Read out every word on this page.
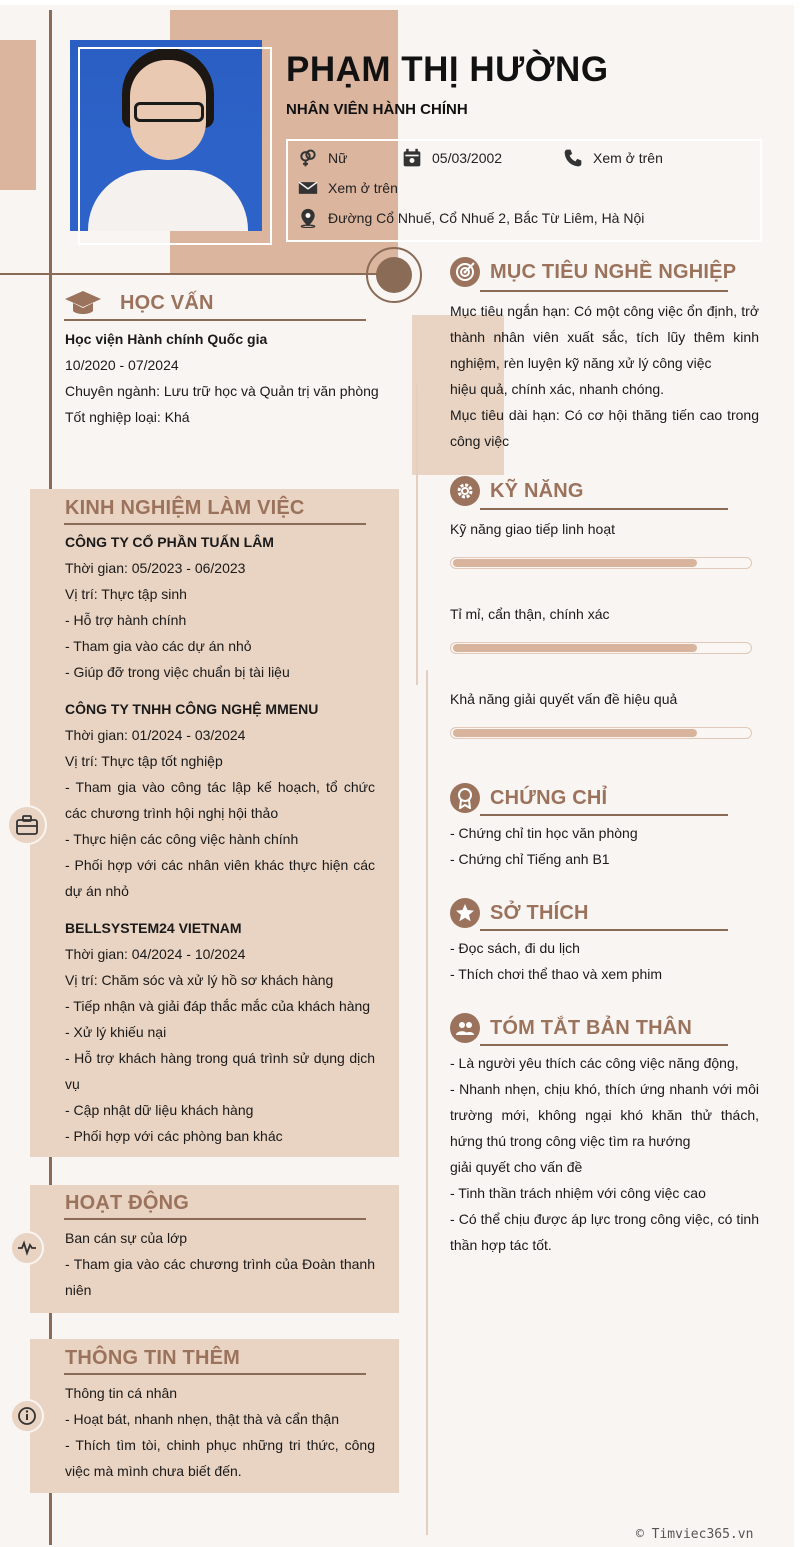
PHẠM THỊ HƯỜNG
NHÂN VIÊN HÀNH CHÍNH
Nữ	05/03/2002	Xem ở trên
Xem ở trên
Đường Cổ Nhuế, Cổ Nhuế 2, Bắc Từ Liêm, Hà Nội
HỌC VẤN
Học viện Hành chính Quốc gia
10/2020 - 07/2024
Chuyên ngành: Lưu trữ học và Quản trị văn phòng
Tốt nghiệp loại: Khá
KINH NGHIỆM LÀM VIỆC
CÔNG TY CỔ PHẦN TUẤN LÂM
Thời gian: 05/2023 - 06/2023
Vị trí: Thực tập sinh
- Hỗ trợ hành chính
- Tham gia vào các dự án nhỏ
- Giúp đỡ trong việc chuẩn bị tài liệu
CÔNG TY TNHH CÔNG NGHỆ MMENU
Thời gian: 01/2024 - 03/2024
Vị trí: Thực tập tốt nghiệp
- Tham gia vào công tác lập kế hoạch, tổ chức các chương trình hội nghị hội thảo
- Thực hiện các công việc hành chính
- Phối hợp với các nhân viên khác thực hiện các dự án nhỏ
BELLSYSTEM24 VIETNAM
Thời gian: 04/2024 - 10/2024
Vị trí: Chăm sóc và xử lý hồ sơ khách hàng
- Tiếp nhận và giải đáp thắc mắc của khách hàng
- Xử lý khiếu nại
- Hỗ trợ khách hàng trong quá trình sử dụng dịch vụ
- Cập nhật dữ liệu khách hàng
- Phối hợp với các phòng ban khác
HOẠT ĐỘNG
Ban cán sự của lớp
- Tham gia vào các chương trình của Đoàn thanh niên
THÔNG TIN THÊM
Thông tin cá nhân
- Hoạt bát, nhanh nhẹn, thật thà và cẩn thận
- Thích tìm tòi, chinh phục những tri thức, công việc mà mình chưa biết đến.
MỤC TIÊU NGHỀ NGHIỆP
Mục tiêu ngắn hạn: Có một công việc ổn định, trở thành nhân viên xuất sắc, tích lũy thêm kinh nghiệm, rèn luyện kỹ năng xử lý công việc
hiệu quả, chính xác, nhanh chóng.
Mục tiêu dài hạn: Có cơ hội thăng tiến cao trong công việc
KỸ NĂNG
Kỹ năng giao tiếp linh hoạt
Tỉ mỉ, cẩn thận, chính xác
Khả năng giải quyết vấn đề hiệu quả
CHỨNG CHỈ
- Chứng chỉ tin học văn phòng
- Chứng chỉ Tiếng anh B1
SỞ THÍCH
- Đọc sách, đi du lịch
- Thích chơi thể thao và xem phim
TÓM TẮT BẢN THÂN
- Là người yêu thích các công việc năng động,
- Nhanh nhẹn, chịu khó, thích ứng nhanh với môi trường mới, không ngại khó khăn thử thách, hứng thú trong công việc tìm ra hướng
giải quyết cho vấn đề
- Tinh thần trách nhiệm với công việc cao
- Có thể chịu được áp lực trong công việc, có tinh thần hợp tác tốt.
© Timviec365.vn
